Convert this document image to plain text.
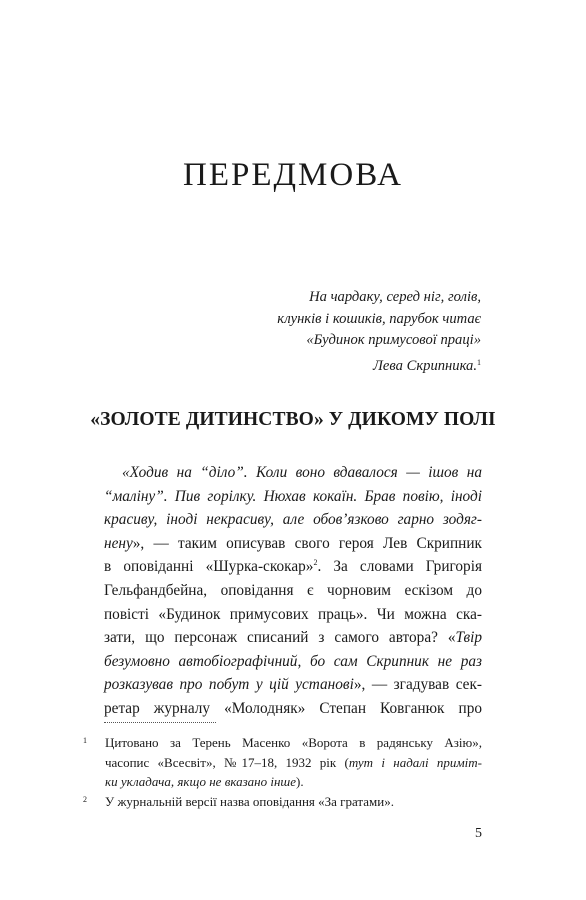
ПЕРЕДМОВА
На чардаку, серед ніг, голів,
клунків і кошиків, парубок читає
«Будинок примусової праці»
Лева Скрипника.$^1$
«ЗОЛОТЕ ДИТИНСТВО» У ДИКОМУ ПОЛІ
«Ходив на “діло”. Коли воно вдавалося — ішов на
“маліну”. Пив горілку. Нюхав кокаїн. Брав повію, іноді
красиву, іноді некрасиву, але обов’язково гарно зодяг-
нену», — таким описував свого героя Лев Скрипник
в оповіданні «Шурка-скокар»$^2$. За словами Григорія
Гельфандбейна, оповідання є чорновим ескізом до
повісті «Будинок примусових праць». Чи можна ска-
зати, що персонаж списаний з самого автора? «Твір
безумовно автобіографічний, бо сам Скрипник не раз
розказував про побут у цій установі», — згадував сек-
ретар журналу «Молодняк» Степан Ковганюк про
1	Цитовано за Терень Масенко «Ворота в радянську Азію»,
часопис «Всесвіт», №17–18, 1932 рік (тут і надалі приміт-
ки укладача, якщо не вказано інше).
2	У журнальній версії назва оповідання «За гратами».
5
